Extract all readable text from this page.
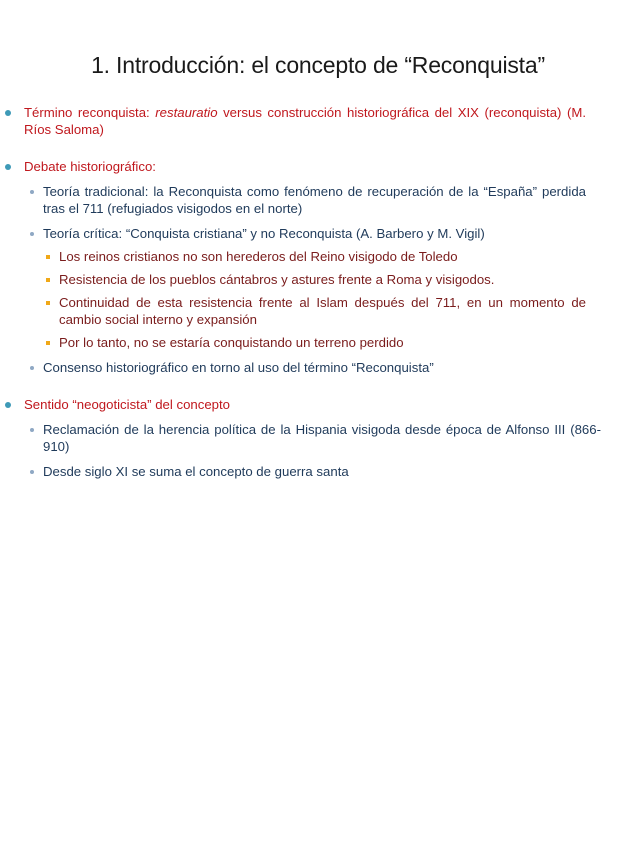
1. Introducción: el concepto de “Reconquista”
Término reconquista: restauratio versus construcción historiográfica del XIX (reconquista) (M. Ríos Saloma)
Debate historiográfico:
Teoría tradicional: la Reconquista como fenómeno de recuperación de la “España” perdida tras el 711 (refugiados visigodos en el norte)
Teoría crítica: “Conquista cristiana” y no Reconquista (A. Barbero y M. Vigil)
Los reinos cristianos no son herederos del Reino visigodo de Toledo
Resistencia de los pueblos cántabros y astures frente a Roma y visigodos.
Continuidad de esta resistencia frente al Islam después del 711, en un momento de cambio social interno y expansión
Por lo tanto, no se estaría conquistando un terreno perdido
Consenso historiográfico en torno al uso del término “Reconquista”
Sentido “neogoticista” del concepto
Reclamación de la herencia política de la Hispania visigoda desde época de Alfonso III (866-910)
Desde siglo XI se suma el concepto de guerra santa
